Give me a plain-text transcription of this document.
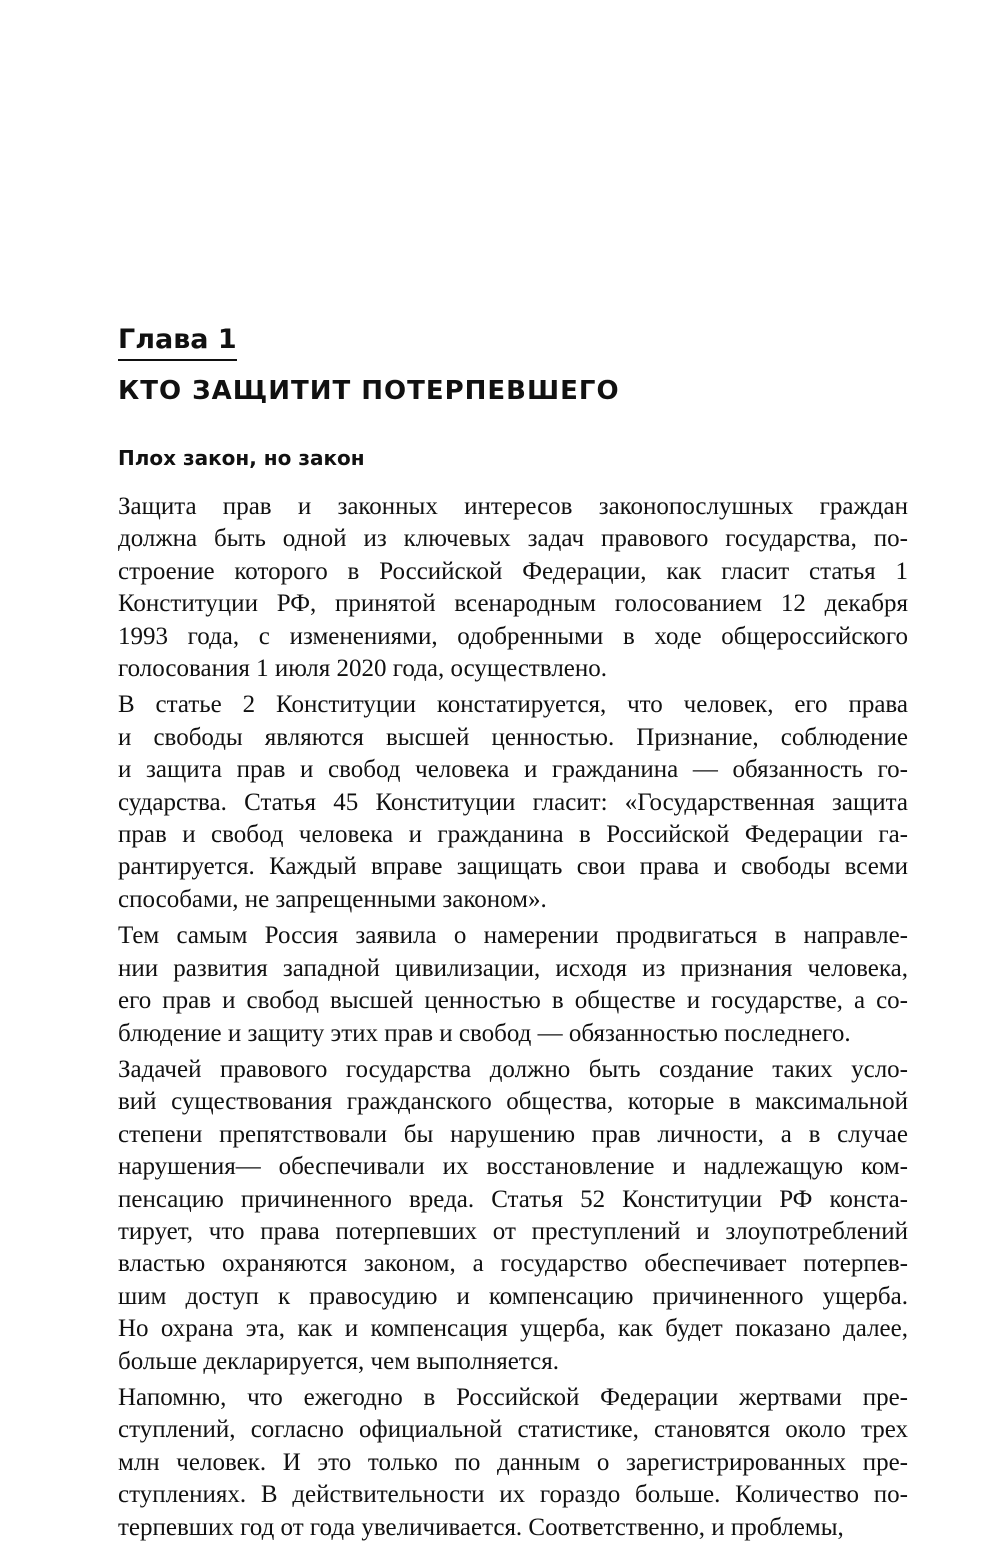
Глава 1
КТО ЗАЩИТИТ ПОТЕРПЕВШЕГО
Плох закон, но закон

Защита прав и законных интересов законопослушных граждан
должна быть одной из ключевых задач правового государства, по-
строение которого в Российской Федерации, как гласит статья 1
Конституции РФ, принятой всенародным голосованием 12 декабря
1993 года, с изменениями, одобренными в ходе общероссийского
голосования 1 июля 2020 года, осуществлено.

В статье 2 Конституции констатируется, что человек, его права
и свободы являются высшей ценностью. Признание, соблюдение
и защита прав и свобод человека и гражданина — обязанность го-
сударства. Статья 45 Конституции гласит: «Государственная защита
прав и свобод человека и гражданина в Российской Федерации га-
рантируется. Каждый вправе защищать свои права и свободы всеми
способами, не запрещенными законом».

Тем самым Россия заявила о намерении продвигаться в направле-
нии развития западной цивилизации, исходя из признания человека,
его прав и свобод высшей ценностью в обществе и государстве, а со-
блюдение и защиту этих прав и свобод — обязанностью последнего.

Задачей правового государства должно быть создание таких усло-
вий существования гражданского общества, которые в максимальной
степени препятствовали бы нарушению прав личности, а в случае
нарушения— обеспечивали их восстановление и надлежащую ком-
пенсацию причиненного вреда. Статья 52 Конституции РФ конста-
тирует, что права потерпевших от преступлений и злоупотреблений
властью охраняются законом, а государство обеспечивает потерпев-
шим доступ к правосудию и компенсацию причиненного ущерба.
Но охрана эта, как и компенсация ущерба, как будет показано далее,
больше декларируется, чем выполняется.

Напомню, что ежегодно в Российской Федерации жертвами пре-
ступлений, согласно официальной статистике, становятся около трех
млн человек. И это только по данным о зарегистрированных пре-
ступлениях. В действительности их гораздо больше. Количество по-
терпевших год от года увеличивается. Соответственно, и проблемы,
